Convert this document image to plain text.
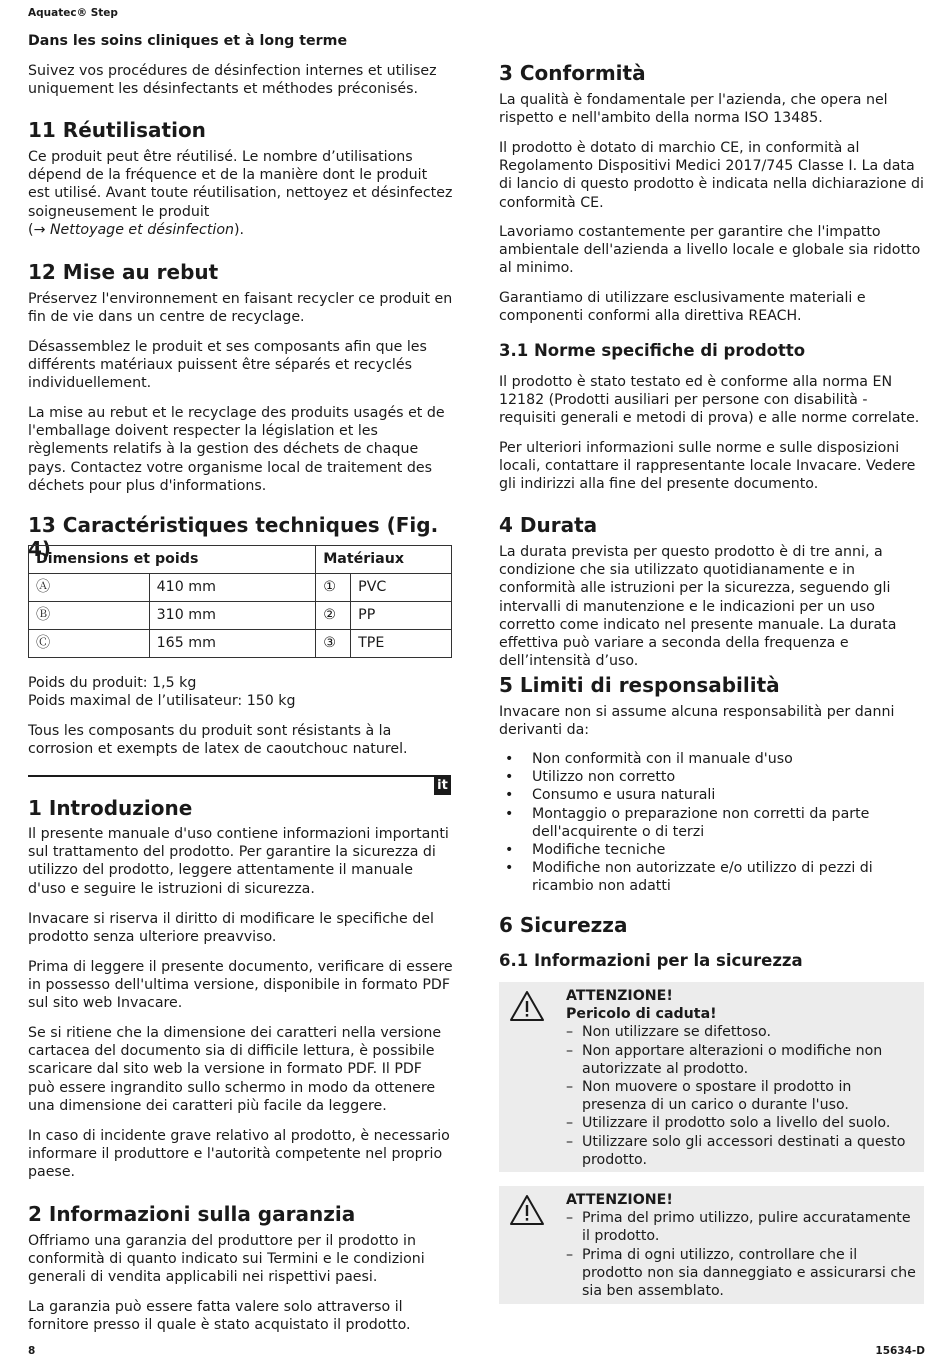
Aquatec® Step
Dans les soins cliniques et à long terme
Suivez vos procédures de désinfection internes et utilisez uniquement les désinfectants et méthodes préconisés.
11 Réutilisation
Ce produit peut être réutilisé. Le nombre d’utilisations dépend de la fréquence et de la manière dont le produit est utilisé. Avant toute réutilisation, nettoyez et désinfectez soigneusement le produit
(→ Nettoyage et désinfection).
12 Mise au rebut
Préservez l'environnement en faisant recycler ce produit en fin de vie dans un centre de recyclage.
Désassemblez le produit et ses composants afin que les différents matériaux puissent être séparés et recyclés individuellement.
La mise au rebut et le recyclage des produits usagés et de l'emballage doivent respecter la législation et les règlements relatifs à la gestion des déchets de chaque pays. Contactez votre organisme local de traitement des déchets pour plus d'informations.
13 Caractéristiques techniques (Fig. 4)
Dimensions et poids		Matériaux	
Ⓐ	410 mm	①	PVC
Ⓑ	310 mm	②	PP
Ⓒ	165 mm	③	TPE

Poids du produit: 1,5 kg

Poids maximal de l’utilisateur: 150 kg

Tous les composants du produit sont résistants à la corrosion et exempts de latex de caoutchouc naturel.
it
1 Introduzione
Il presente manuale d'uso contiene informazioni importanti sul trattamento del prodotto. Per garantire la sicurezza di utilizzo del prodotto, leggere attentamente il manuale d'uso e seguire le istruzioni di sicurezza.
Invacare si riserva il diritto di modificare le specifiche del prodotto senza ulteriore preavviso.
Prima di leggere il presente documento, verificare di essere in possesso dell'ultima versione, disponibile in formato PDF sul sito web Invacare.
Se si ritiene che la dimensione dei caratteri nella versione cartacea del documento sia di difficile lettura, è possibile scaricare dal sito web la versione in formato PDF. Il PDF può essere ingrandito sullo schermo in modo da ottenere una dimensione dei caratteri più facile da leggere.
In caso di incidente grave relativo al prodotto, è necessario informare il produttore e l'autorità competente nel proprio paese.
2 Informazioni sulla garanzia
Offriamo una garanzia del produttore per il prodotto in conformità di quanto indicato sui Termini e le condizioni generali di vendita applicabili nei rispettivi paesi.
La garanzia può essere fatta valere solo attraverso il fornitore presso il quale è stato acquistato il prodotto.
3 Conformità
La qualità è fondamentale per l'azienda, che opera nel rispetto e nell'ambito della norma ISO 13485.
Il prodotto è dotato di marchio CE, in conformità al Regolamento Dispositivi Medici 2017/745 Classe I. La data di lancio di questo prodotto è indicata nella dichiarazione di conformità CE.
Lavoriamo costantemente per garantire che l'impatto ambientale dell'azienda a livello locale e globale sia ridotto al minimo.
Garantiamo di utilizzare esclusivamente materiali e componenti conformi alla direttiva REACH.
3.1 Norme specifiche di prodotto
Il prodotto è stato testato ed è conforme alla norma EN 12182 (Prodotti ausiliari per persone con disabilità - requisiti generali e metodi di prova) e alle norme correlate.
Per ulteriori informazioni sulle norme e sulle disposizioni locali, contattare il rappresentante locale Invacare. Vedere gli indirizzi alla fine del presente documento.
4 Durata
La durata prevista per questo prodotto è di tre anni, a condizione che sia utilizzato quotidianamente e in conformità alle istruzioni per la sicurezza, seguendo gli intervalli di manutenzione e le indicazioni per un uso corretto come indicato nel presente manuale. La durata effettiva può variare a seconda della frequenza e dell’intensità d’uso.
5 Limiti di responsabilità
Invacare non si assume alcuna responsabilità per danni derivanti da:
• Non conformità con il manuale d'uso
• Utilizzo non corretto
• Consumo e usura naturali
• Montaggio o preparazione non corretti da parte dell'acquirente o di terzi
• Modifiche tecniche
• Modifiche non autorizzate e/o utilizzo di pezzi di ricambio non adatti
6 Sicurezza
6.1 Informazioni per la sicurezza
ATTENZIONE!
Pericolo di caduta!
– Non utilizzare se difettoso.
– Non apportare alterazioni o modifiche non autorizzate al prodotto.
– Non muovere o spostare il prodotto in presenza di un carico o durante l'uso.
– Utilizzare il prodotto solo a livello del suolo.
– Utilizzare solo gli accessori destinati a questo prodotto.
ATTENZIONE!
– Prima del primo utilizzo, pulire accuratamente il prodotto.
– Prima di ogni utilizzo, controllare che il prodotto non sia danneggiato e assicurarsi che sia ben assemblato.
8	15634-D
